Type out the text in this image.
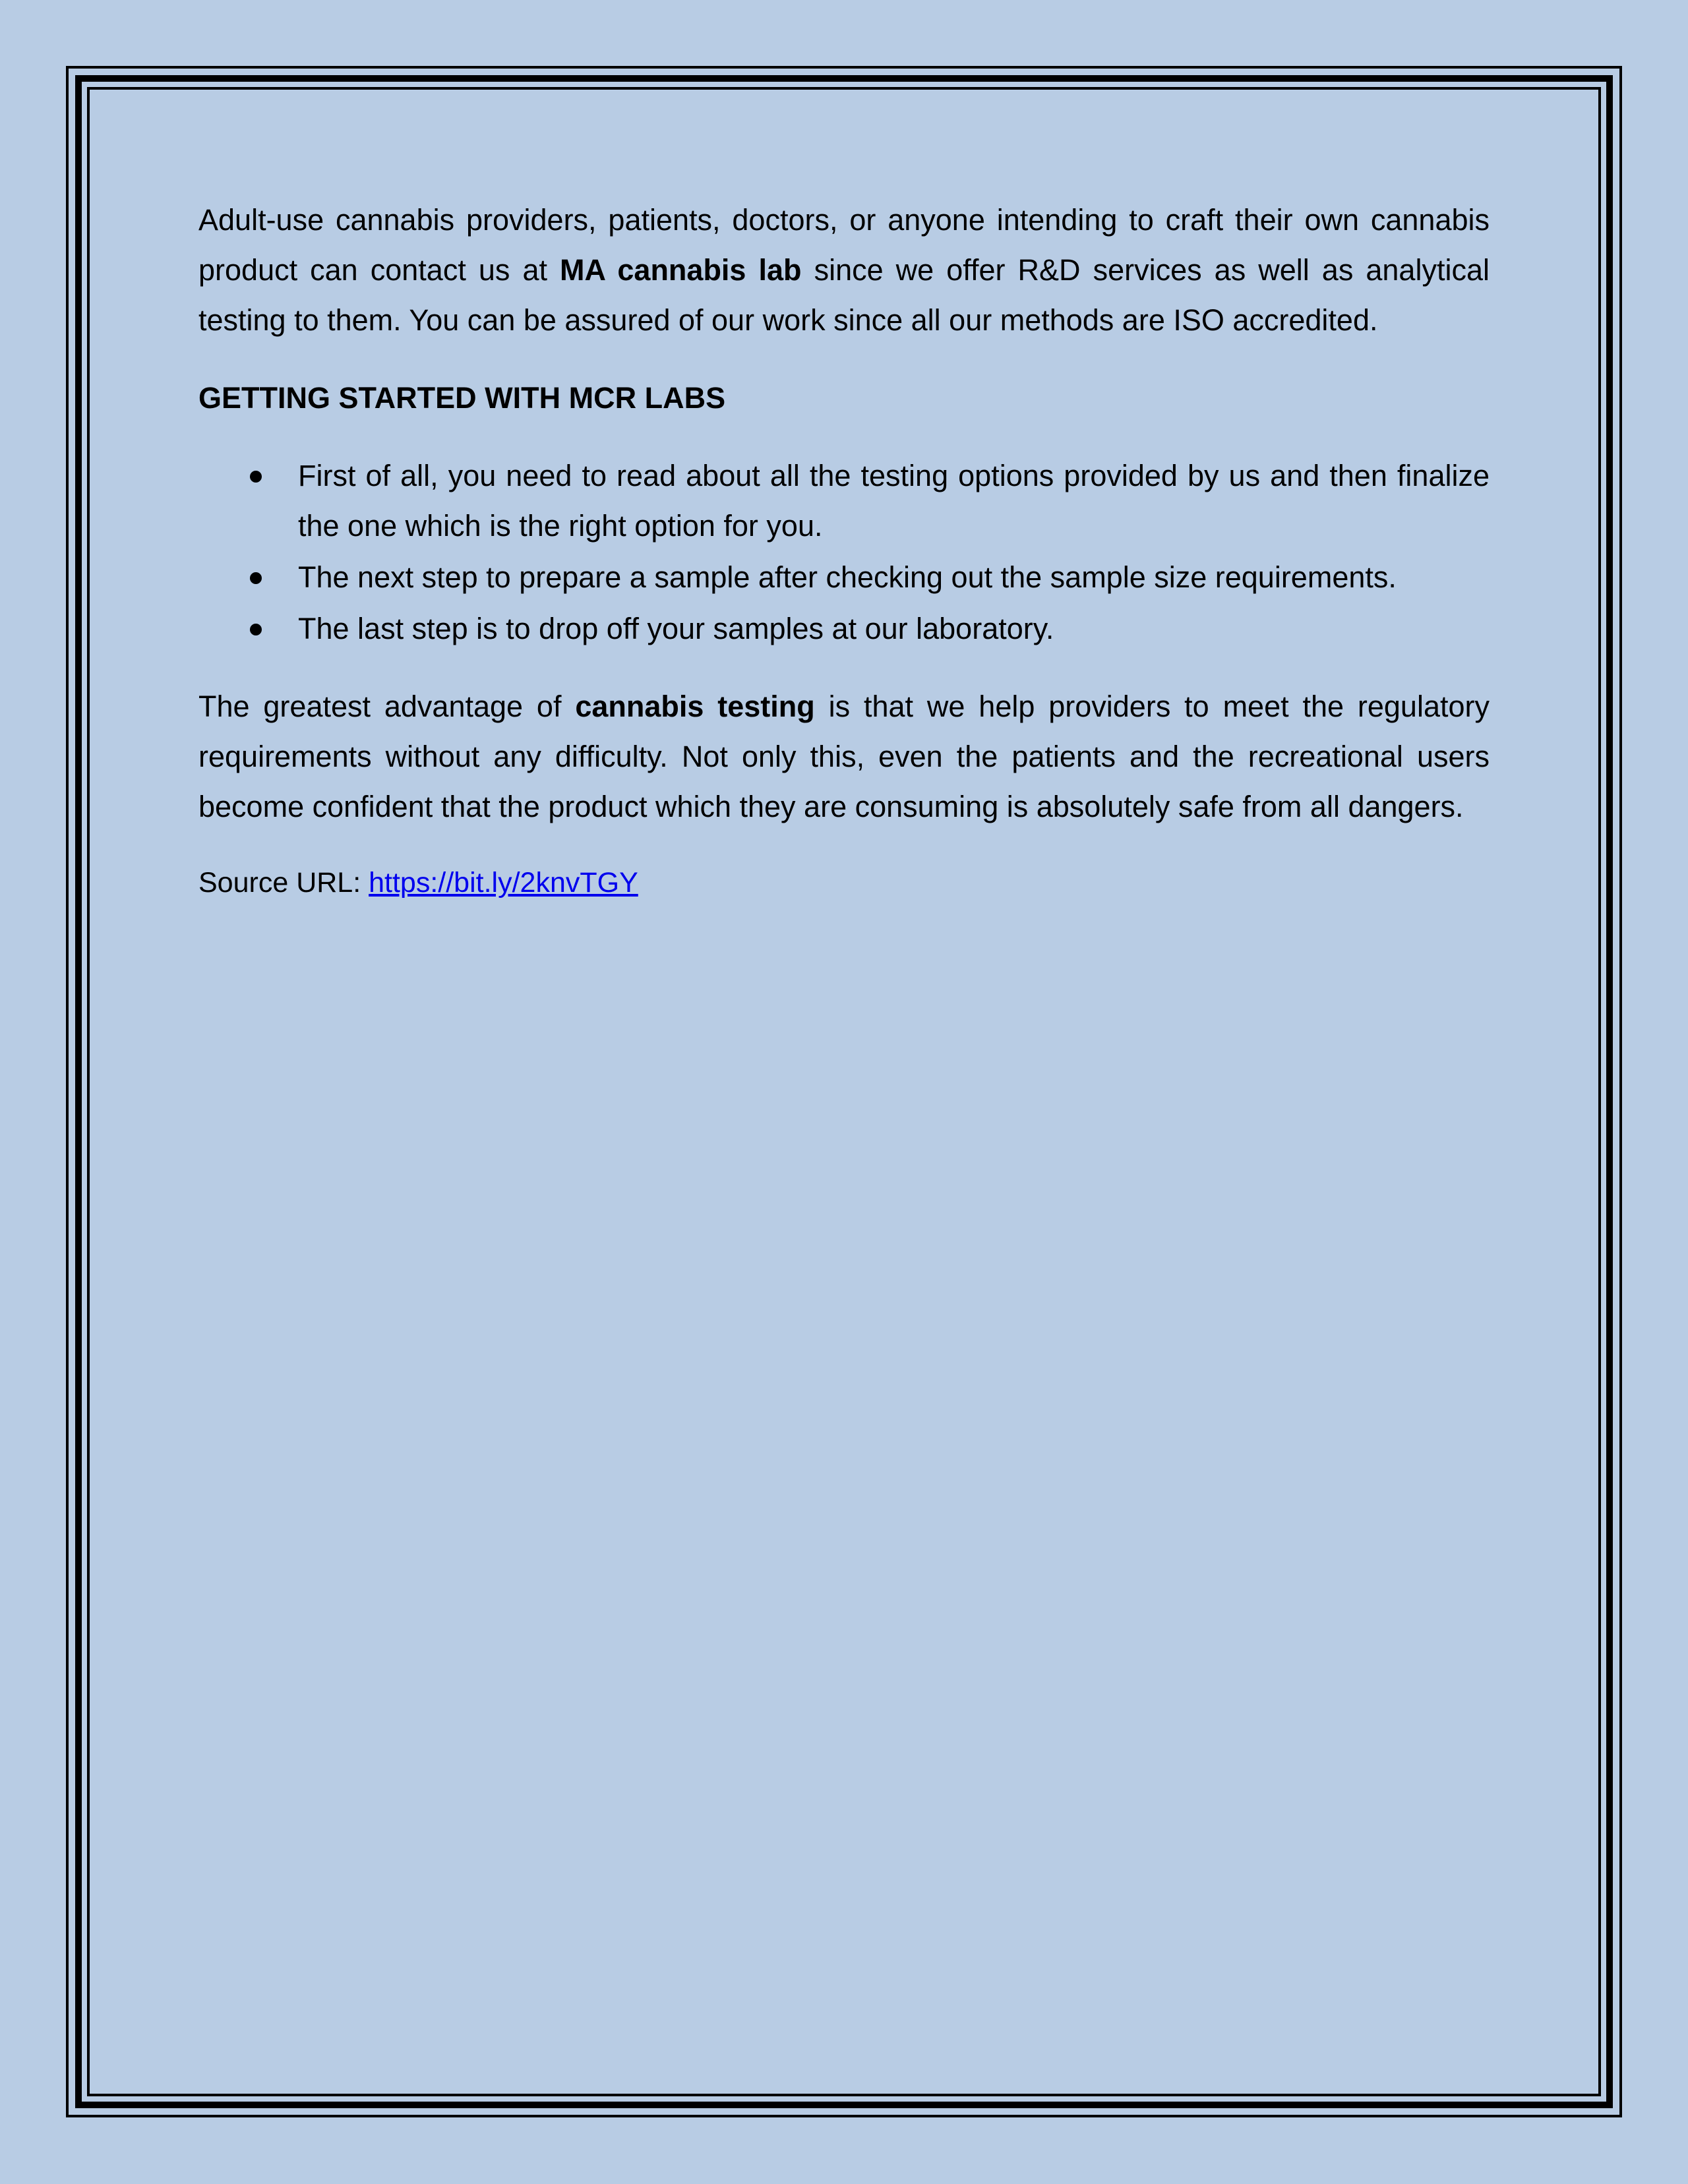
Adult-use cannabis providers, patients, doctors, or anyone intending to craft their own cannabis product can contact us at MA cannabis lab since we offer R&D services as well as analytical testing to them. You can be assured of our work since all our methods are ISO accredited.

GETTING STARTED WITH MCR LABS
First of all, you need to read about all the testing options provided by us and then finalize the one which is the right option for you.
The next step to prepare a sample after checking out the sample size requirements.
The last step is to drop off your samples at our laboratory.

The greatest advantage of cannabis testing is that we help providers to meet the regulatory requirements without any difficulty. Not only this, even the patients and the recreational users become confident that the product which they are consuming is absolutely safe from all dangers.

Source URL: https://bit.ly/2knvTGY
